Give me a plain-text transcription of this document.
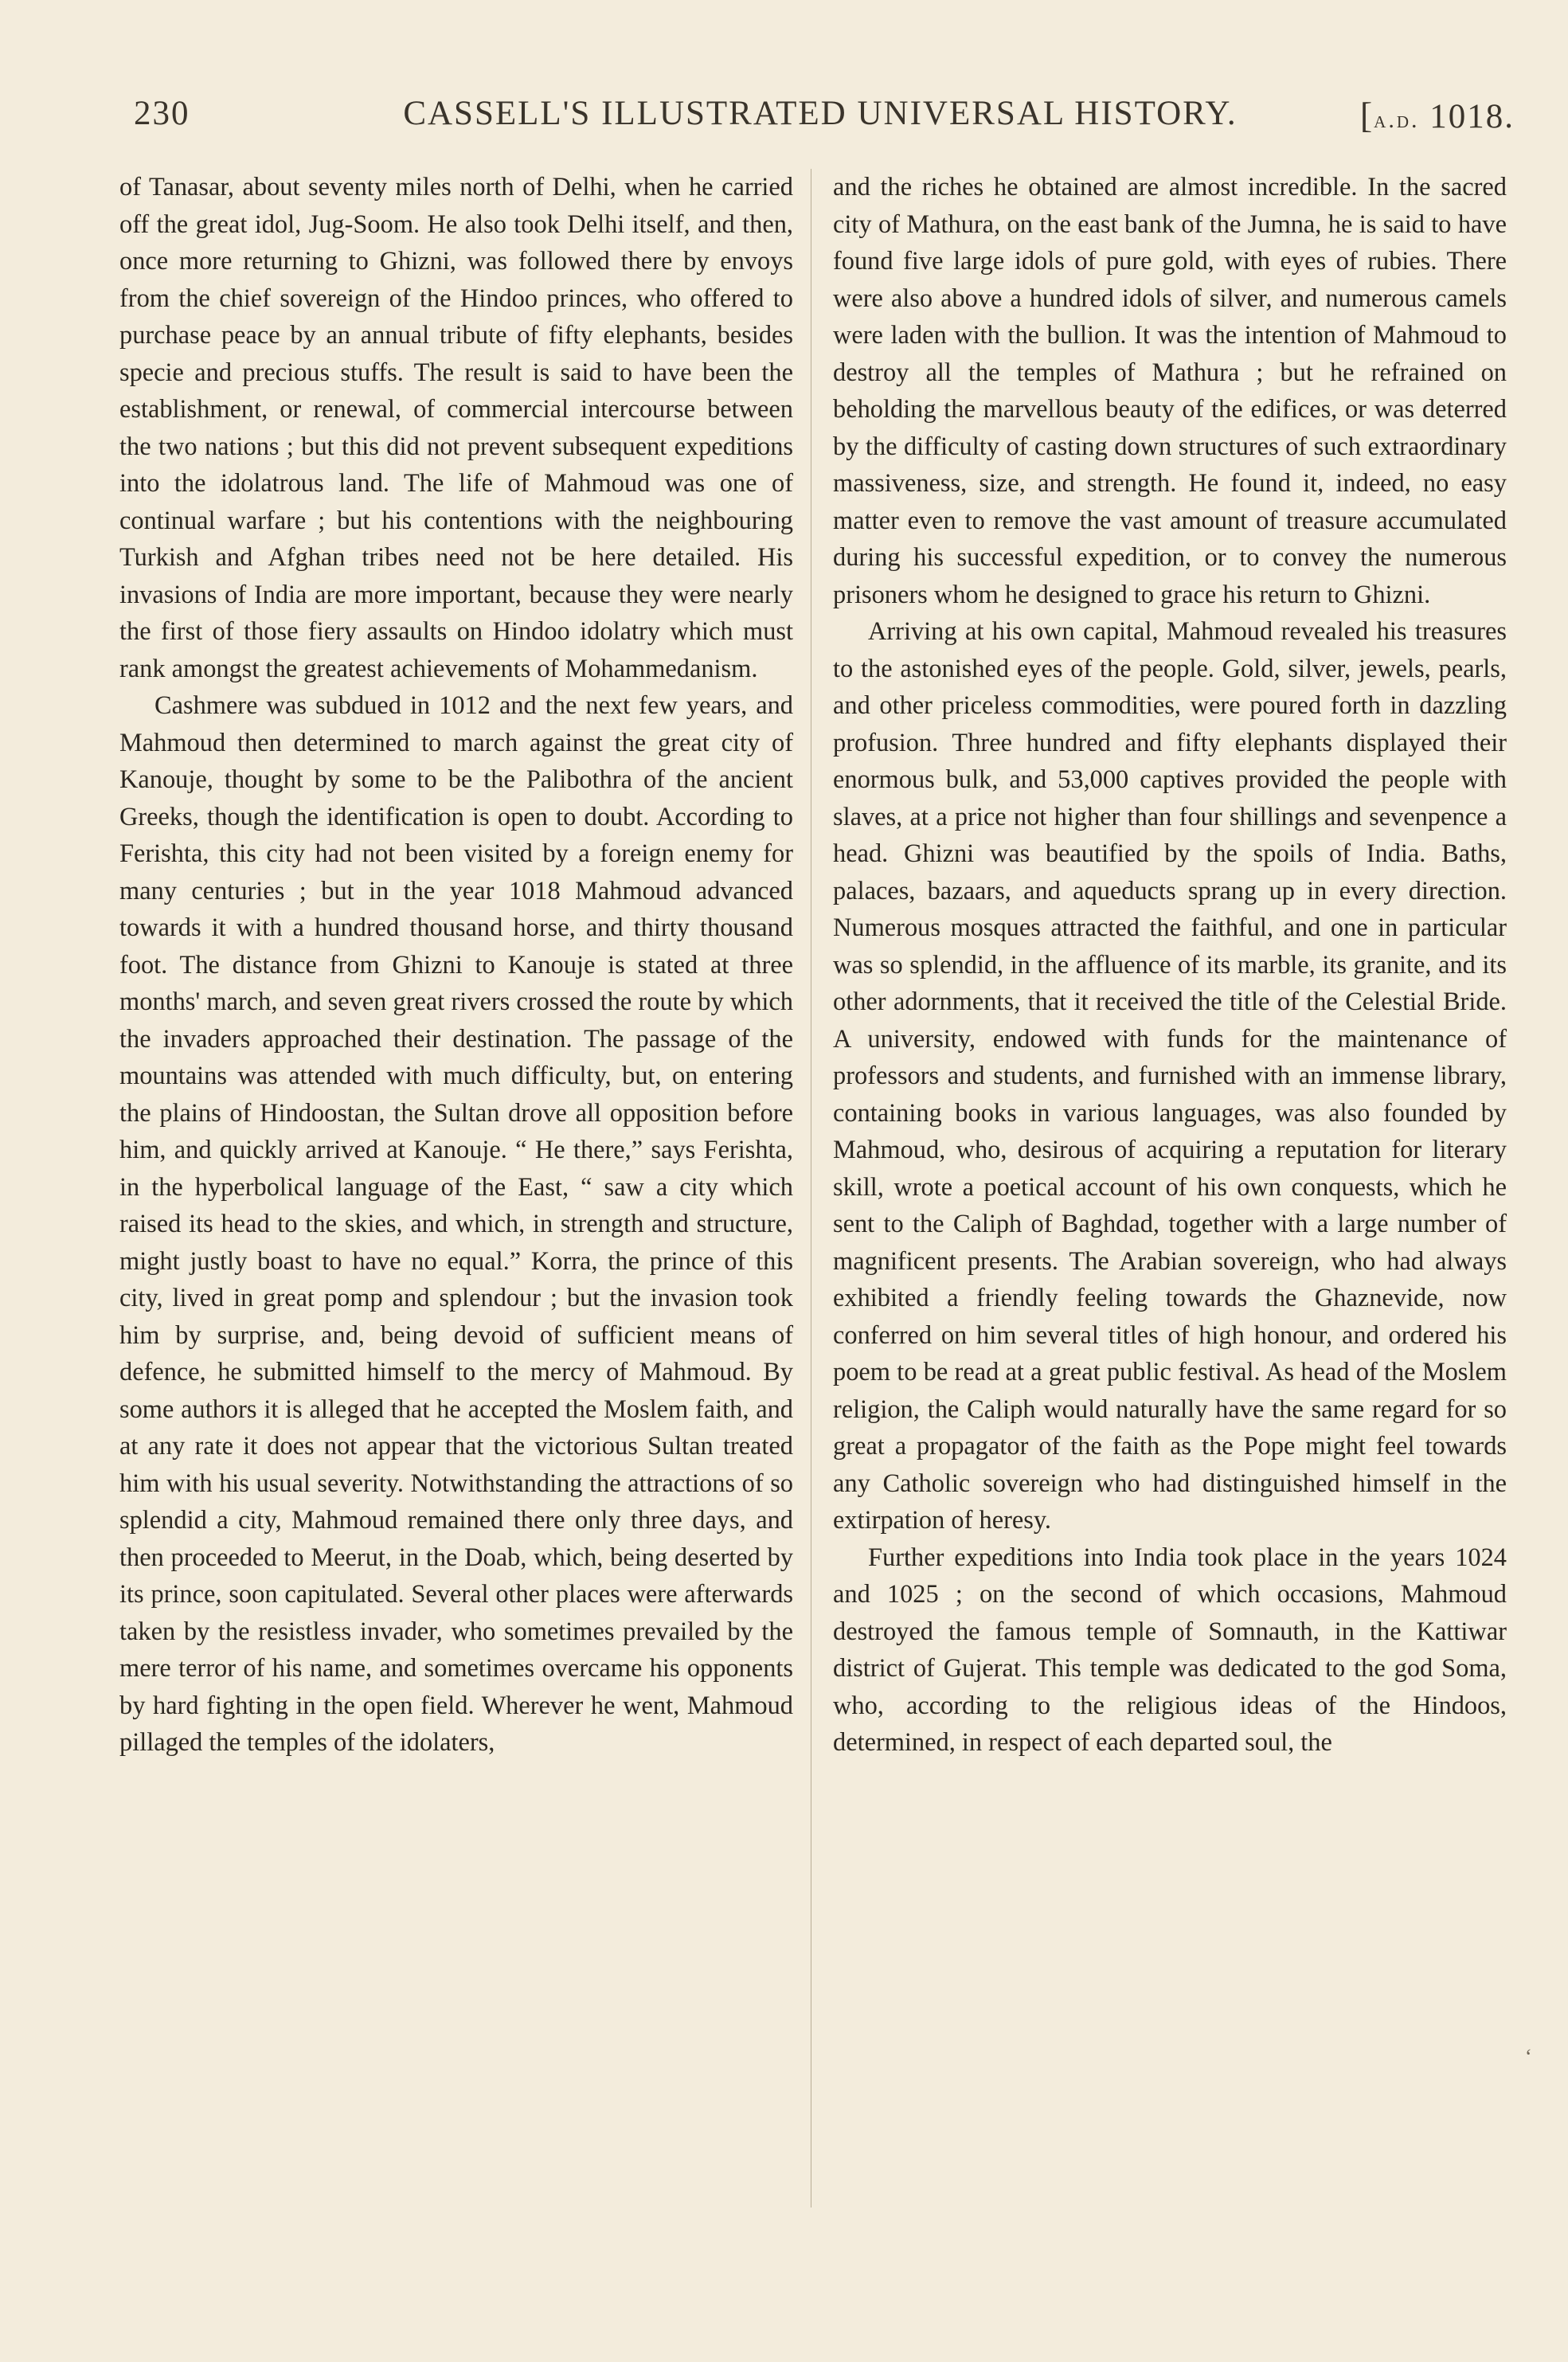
230	CASSELL'S ILLUSTRATED UNIVERSAL HISTORY.	[a.d. 1018.

of Tanasar, about seventy miles north of Delhi, when he carried off the great idol, Jug-Soom. He also took Delhi itself, and then, once more returning to Ghizni, was followed there by envoys from the chief sovereign of the Hindoo princes, who offered to purchase peace by an annual tribute of fifty elephants, besides specie and precious stuffs. The result is said to have been the establishment, or renewal, of commercial intercourse between the two nations ; but this did not prevent subsequent expeditions into the idolatrous land. The life of Mahmoud was one of continual warfare ; but his contentions with the neighbouring Turkish and Afghan tribes need not be here detailed. His invasions of India are more important, because they were nearly the first of those fiery assaults on Hindoo idolatry which must rank amongst the greatest achievements of Mohammedanism.

Cashmere was subdued in 1012 and the next few years, and Mahmoud then determined to march against the great city of Kanouje, thought by some to be the Palibothra of the ancient Greeks, though the identification is open to doubt. According to Ferishta, this city had not been visited by a foreign enemy for many centuries ; but in the year 1018 Mahmoud advanced towards it with a hundred thousand horse, and thirty thousand foot. The distance from Ghizni to Kanouje is stated at three months' march, and seven great rivers crossed the route by which the invaders approached their destination. The passage of the mountains was attended with much difficulty, but, on entering the plains of Hindoostan, the Sultan drove all opposition before him, and quickly arrived at Kanouje. “ He there,” says Ferishta, in the hyperbolical language of the East, “ saw a city which raised its head to the skies, and which, in strength and structure, might justly boast to have no equal.” Korra, the prince of this city, lived in great pomp and splendour ; but the invasion took him by surprise, and, being devoid of sufficient means of defence, he submitted himself to the mercy of Mahmoud. By some authors it is alleged that he accepted the Moslem faith, and at any rate it does not appear that the victorious Sultan treated him with his usual severity. Notwithstanding the attractions of so splendid a city, Mahmoud remained there only three days, and then proceeded to Meerut, in the Doab, which, being deserted by its prince, soon capitulated. Several other places were afterwards taken by the resistless invader, who sometimes prevailed by the mere terror of his name, and sometimes overcame his opponents by hard fighting in the open field. Wherever he went, Mahmoud pillaged the temples of the idolaters,

and the riches he obtained are almost incredible. In the sacred city of Mathura, on the east bank of the Jumna, he is said to have found five large idols of pure gold, with eyes of rubies. There were also above a hundred idols of silver, and numerous camels were laden with the bullion. It was the intention of Mahmoud to destroy all the temples of Mathura ; but he refrained on beholding the marvellous beauty of the edifices, or was deterred by the difficulty of casting down structures of such extraordinary massiveness, size, and strength. He found it, indeed, no easy matter even to remove the vast amount of treasure accumulated during his successful expedition, or to convey the numerous prisoners whom he designed to grace his return to Ghizni.

Arriving at his own capital, Mahmoud revealed his treasures to the astonished eyes of the people. Gold, silver, jewels, pearls, and other priceless commodities, were poured forth in dazzling profusion. Three hundred and fifty elephants displayed their enormous bulk, and 53,000 captives provided the people with slaves, at a price not higher than four shillings and sevenpence a head. Ghizni was beautified by the spoils of India. Baths, palaces, bazaars, and aqueducts sprang up in every direction. Numerous mosques attracted the faithful, and one in particular was so splendid, in the affluence of its marble, its granite, and its other adornments, that it received the title of the Celestial Bride. A university, endowed with funds for the maintenance of professors and students, and furnished with an immense library, containing books in various languages, was also founded by Mahmoud, who, desirous of acquiring a reputation for literary skill, wrote a poetical account of his own conquests, which he sent to the Caliph of Baghdad, together with a large number of magnificent presents. The Arabian sovereign, who had always exhibited a friendly feeling towards the Ghaznevide, now conferred on him several titles of high honour, and ordered his poem to be read at a great public festival. As head of the Moslem religion, the Caliph would naturally have the same regard for so great a propagator of the faith as the Pope might feel towards any Catholic sovereign who had distinguished himself in the extirpation of heresy.

Further expeditions into India took place in the years 1024 and 1025 ; on the second of which occasions, Mahmoud destroyed the famous temple of Somnauth, in the Kattiwar district of Gujerat. This temple was dedicated to the god Soma, who, according to the religious ideas of the Hindoos, determined, in respect of each departed soul, the

‘
